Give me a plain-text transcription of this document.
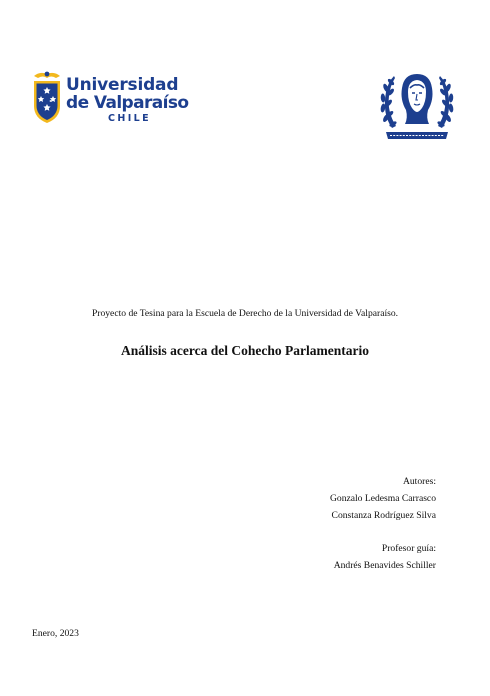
Universidad
de Valparaíso
CHILE
Proyecto de Tesina para la Escuela de Derecho de la Universidad de Valparaíso.
Análisis acerca del Cohecho Parlamentario
Autores:
Gonzalo Ledesma Carrasco
Constanza Rodríguez Silva
Profesor guía:
Andrés Benavides Schiller
Enero, 2023
